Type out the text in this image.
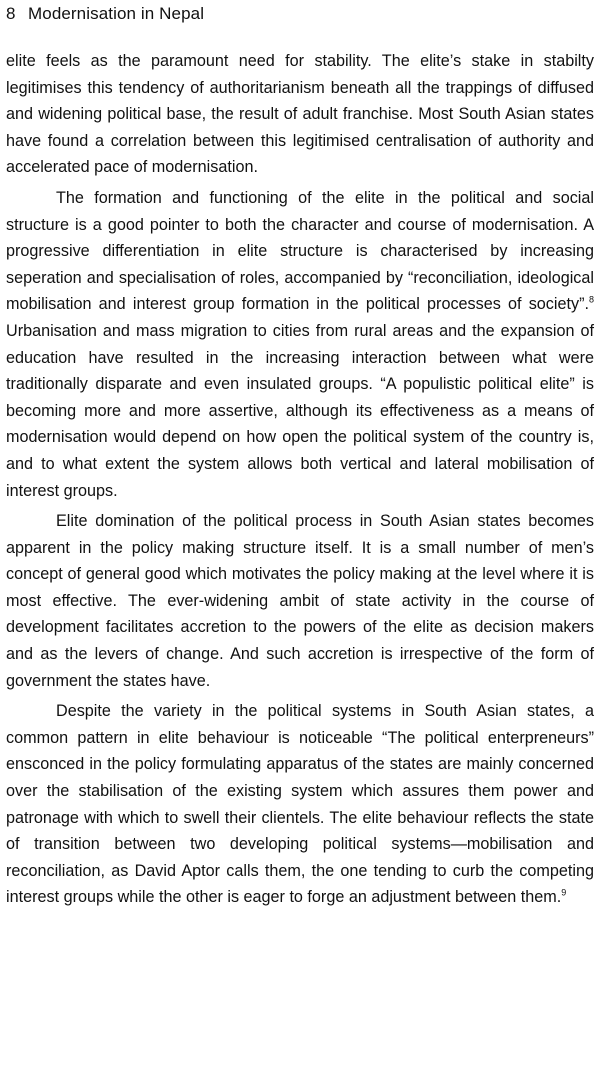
8 Modernisation in Nepal

elite feels as the paramount need for stability. The elite’s stake in stabilty legitimises this tendency of authoritarianism beneath all the trappings of diffused and widening political base, the result of adult franchise. Most South Asian states have found a correlation between this legitimised centralisation of authority and accelerated pace of modernisation.

The formation and functioning of the elite in the political and social structure is a good pointer to both the character and course of modernisation. A progressive differentiation in elite structure is characterised by increasing seperation and specialisation of roles, accompanied by “reconciliation, ideological mobilisation and interest group formation in the political processes of society”.$^8$ Urbanisation and mass migration to cities from rural areas and the expansion of education have resulted in the increasing interaction between what were traditionally disparate and even insulated groups. “A populistic political elite” is becoming more and more assertive, although its effectiveness as a means of modernisation would depend on how open the political system of the country is, and to what extent the system allows both vertical and lateral mobilisation of interest groups.

Elite domination of the political process in South Asian states becomes apparent in the policy making structure itself. It is a small number of men’s concept of general good which motivates the policy making at the level where it is most effective. The ever-widening ambit of state activity in the course of development facilitates accretion to the powers of the elite as decision makers and as the levers of change. And such accretion is irrespective of the form of government the states have.

Despite the variety in the political systems in South Asian states, a common pattern in elite behaviour is noticeable “The political enterpreneurs” ensconced in the policy formulating apparatus of the states are mainly concerned over the stabilisation of the existing system which assures them power and patronage with which to swell their clientels. The elite behaviour reflects the state of transition between two developing political systems—mobilisation and reconciliation, as David Aptor calls them, the one tending to curb the competing interest groups while the other is eager to forge an adjustment between them.$^9$
